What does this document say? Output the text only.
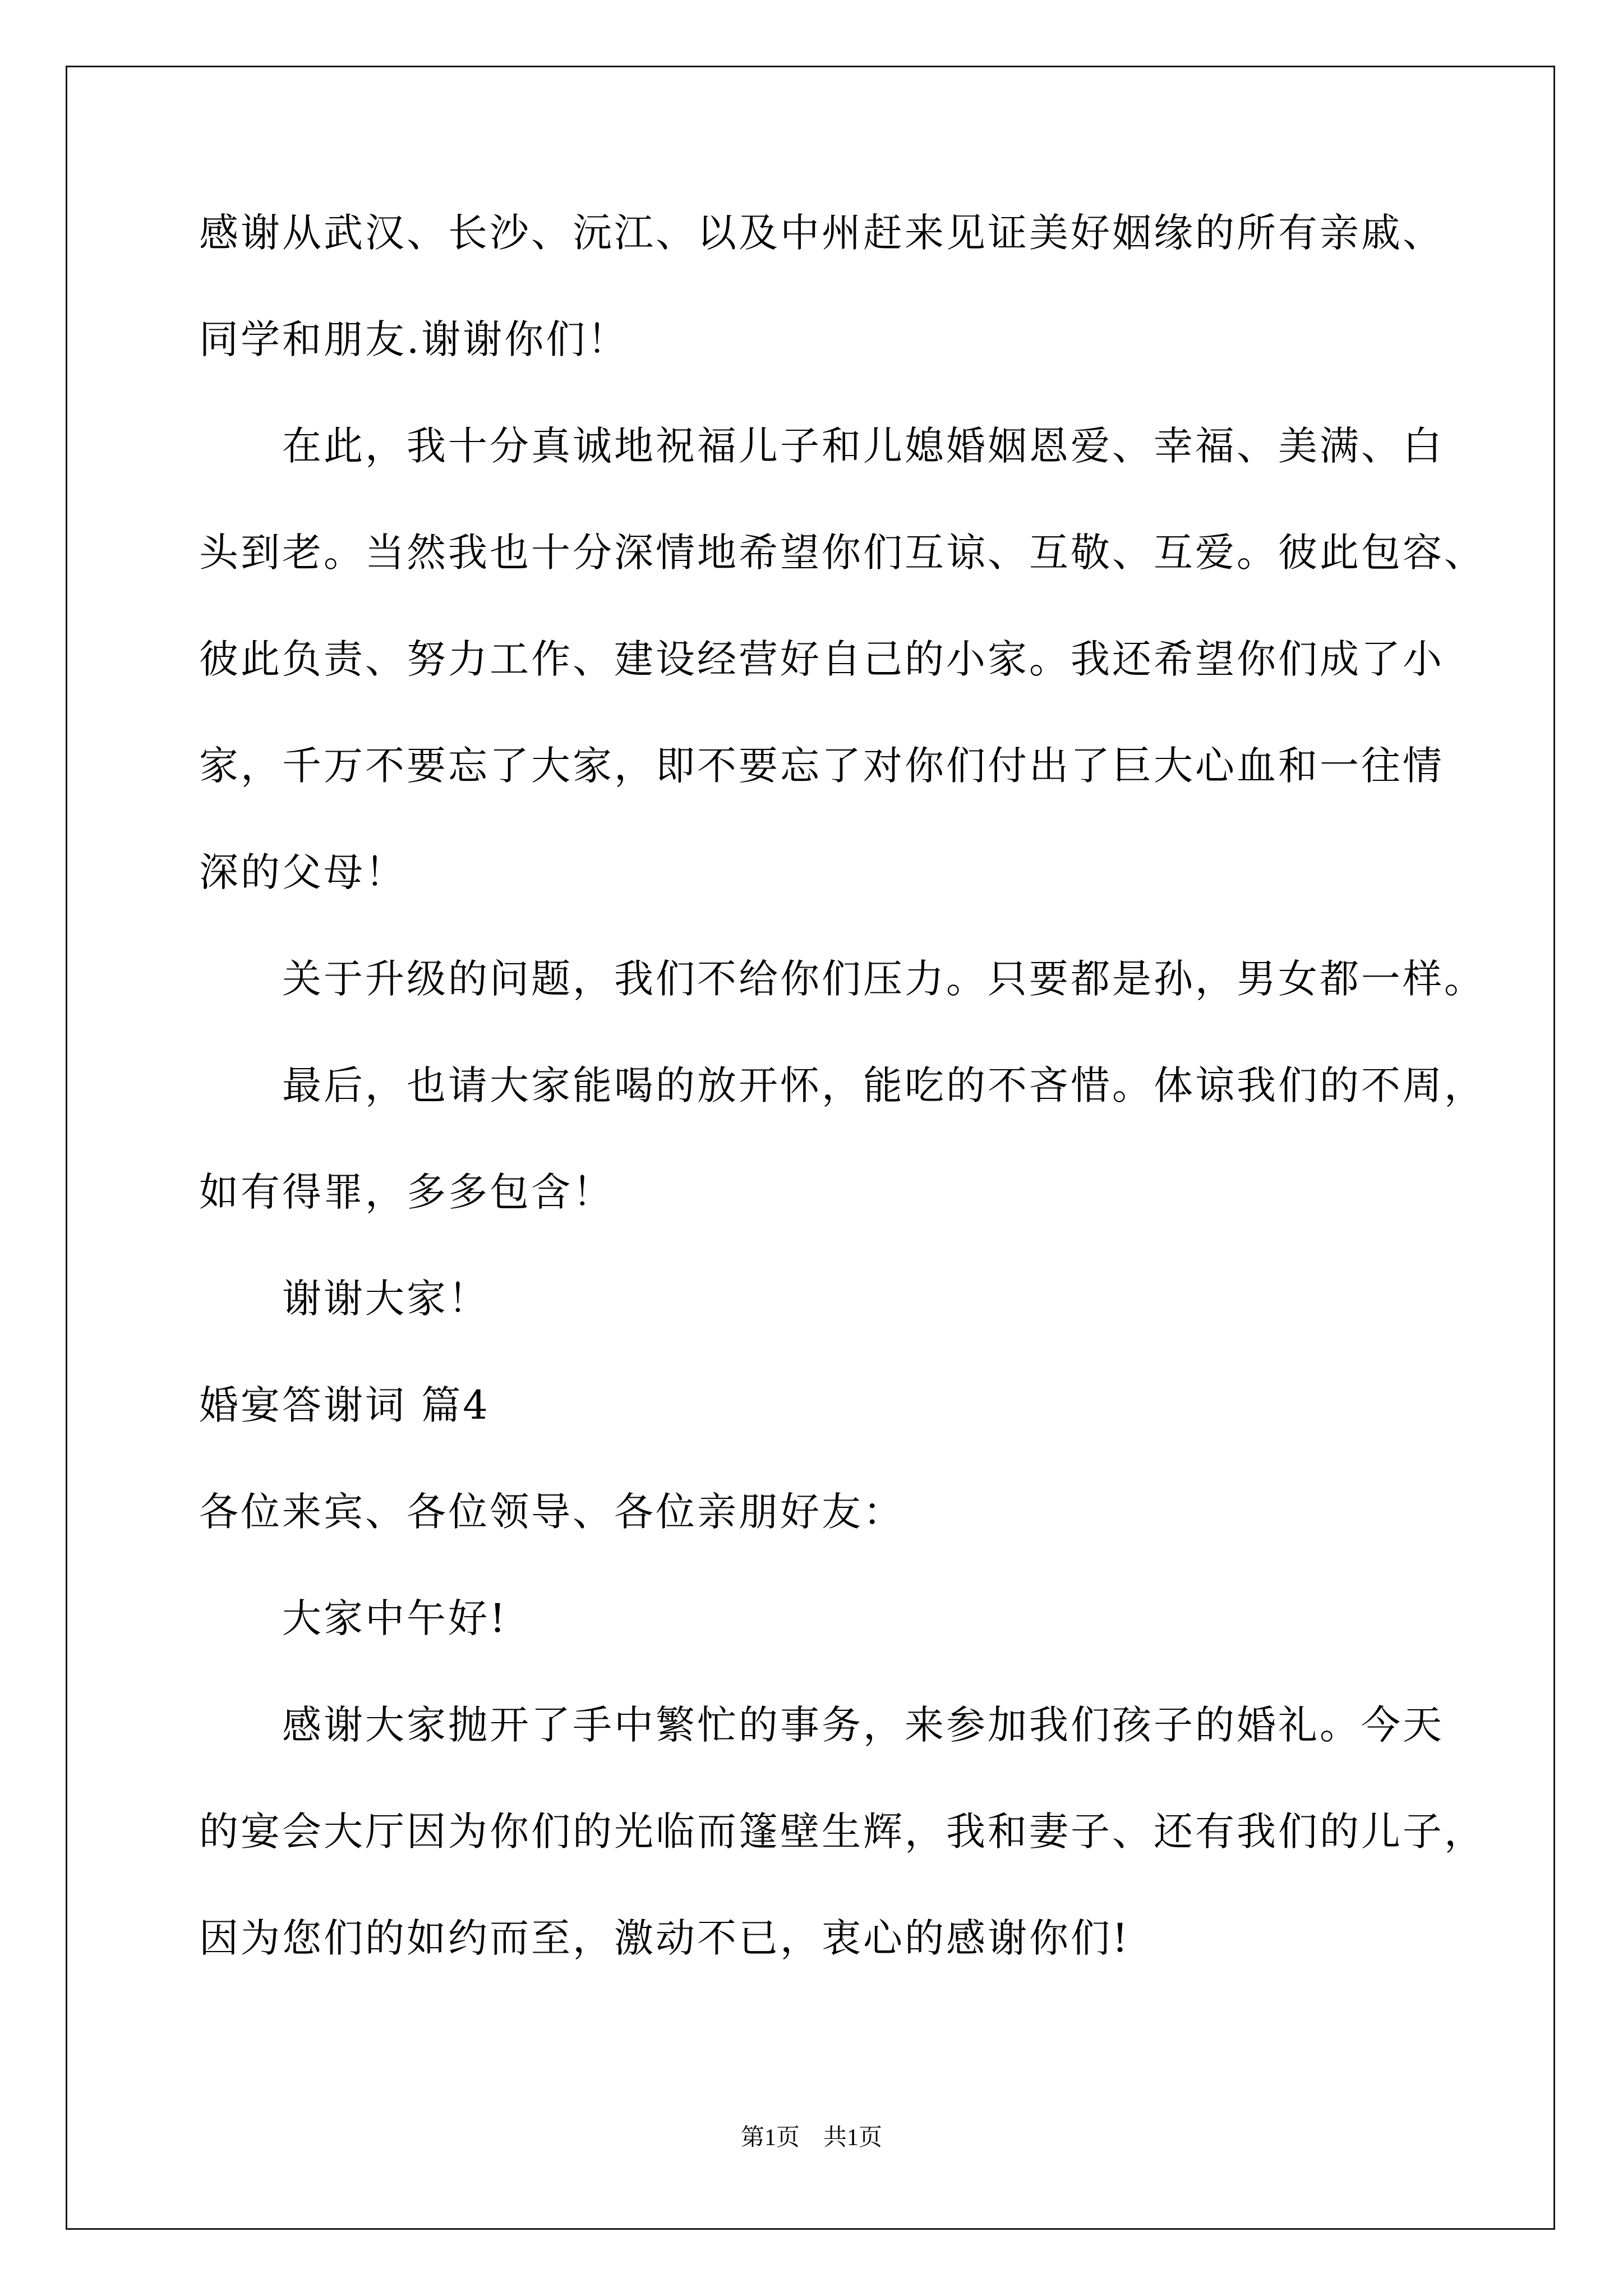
感谢从武汉、长沙、沅江、以及中州赶来见证美好姻缘的所有亲戚、
同学和朋友.谢谢你们！
在此，我十分真诚地祝福儿子和儿媳婚姻恩爱、幸福、美满、白
头到老。当然我也十分深情地希望你们互谅、互敬、互爱。彼此包容、
彼此负责、努力工作、建设经营好自己的小家。我还希望你们成了小
家，千万不要忘了大家，即不要忘了对你们付出了巨大心血和一往情
深的父母！
关于升级的问题，我们不给你们压力。只要都是孙，男女都一样。
最后，也请大家能喝的放开怀，能吃的不吝惜。体谅我们的不周，
如有得罪，多多包含！
谢谢大家！
婚宴答谢词 篇4
各位来宾、各位领导、各位亲朋好友：
大家中午好!
感谢大家抛开了手中繁忙的事务，来参加我们孩子的婚礼。今天
的宴会大厅因为你们的光临而篷壁生辉，我和妻子、还有我们的儿子，
因为您们的如约而至，激动不已，衷心的感谢你们!
第1页　共1页
